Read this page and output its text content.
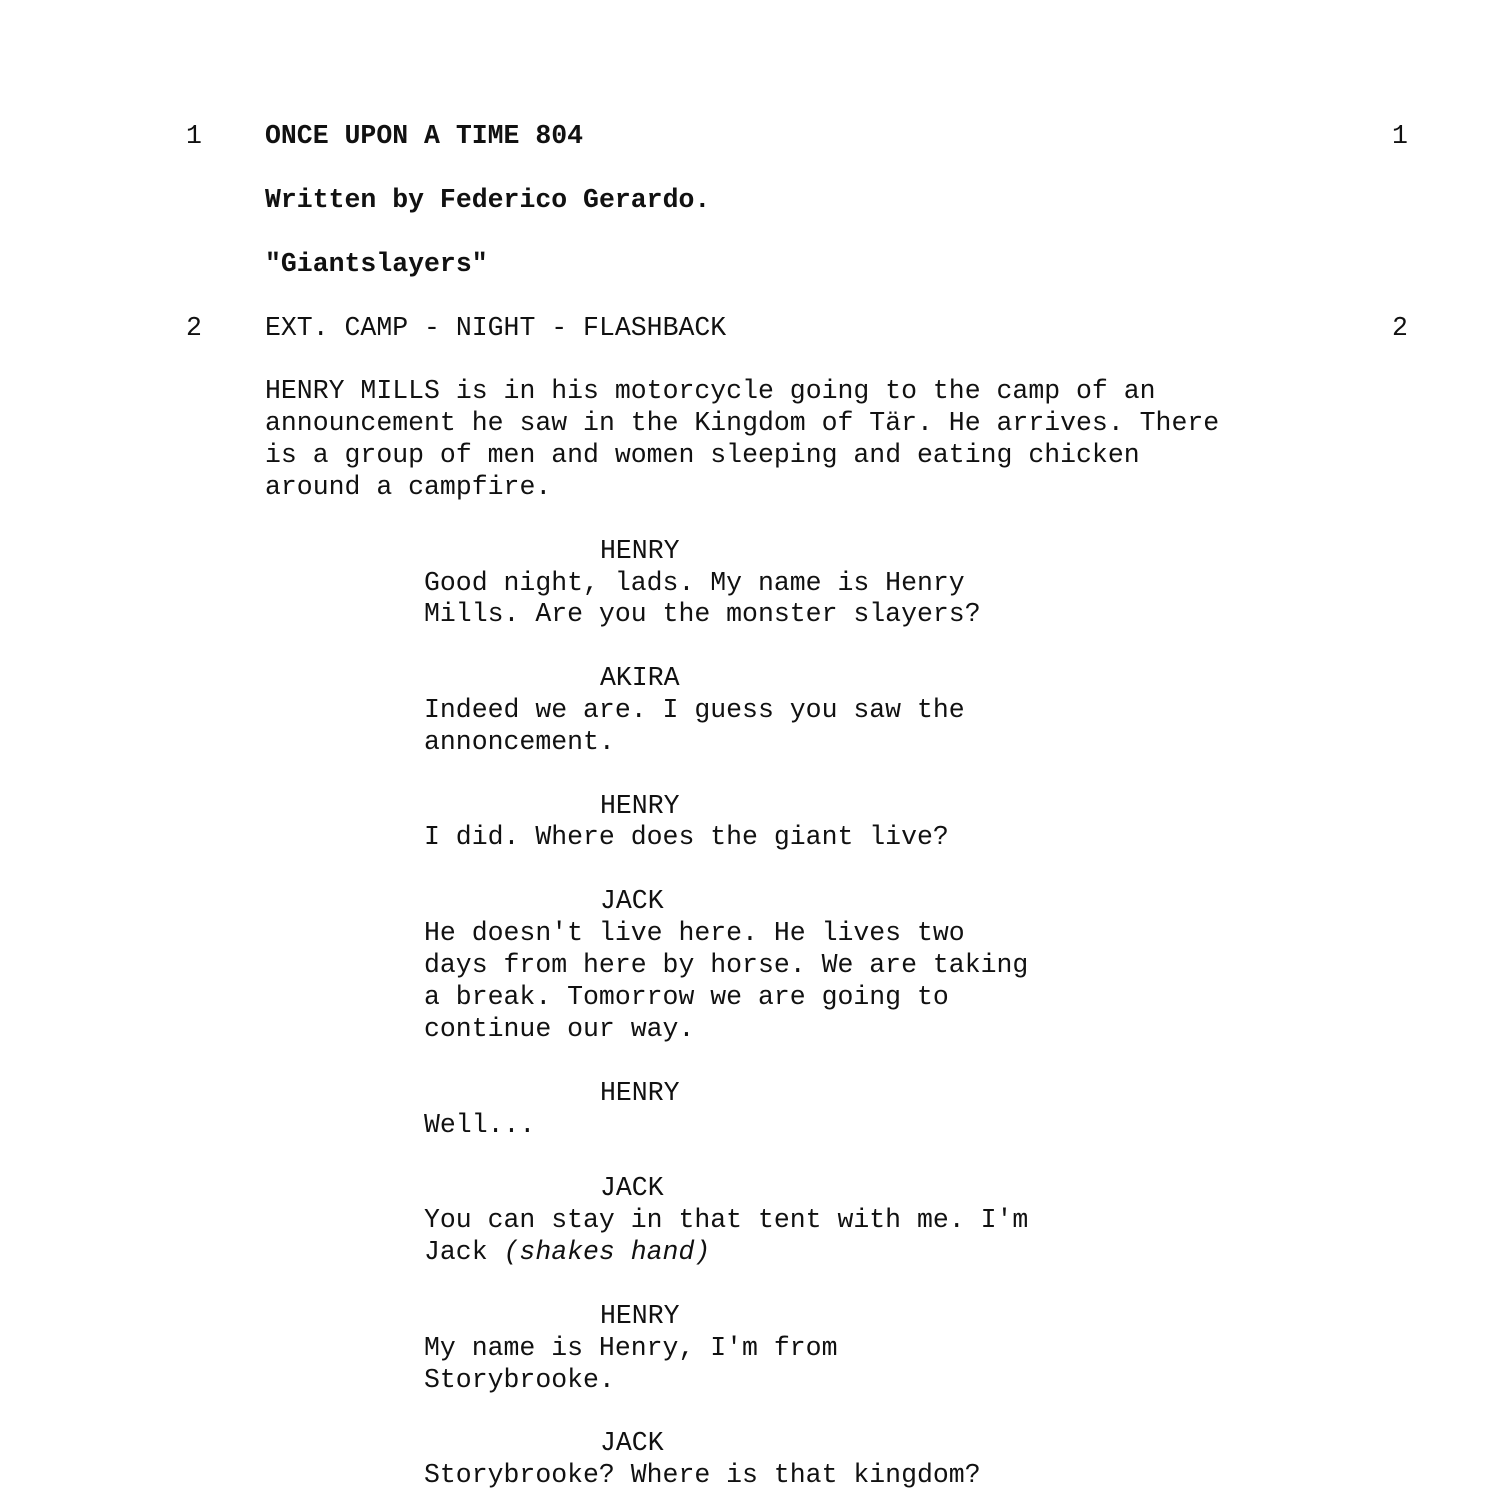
1 ONCE UPON A TIME 804	1
Written by Federico Gerardo.
"Giantslayers"
2 EXT. CAMP - NIGHT - FLASHBACK	2
HENRY MILLS is in his motorcycle going to the camp of an
announcement he saw in the Kingdom of Tär. He arrives. There
is a group of men and women sleeping and eating chicken
around a campfire.
HENRY
Good night, lads. My name is Henry
Mills. Are you the monster slayers?
AKIRA
Indeed we are. I guess you saw the
annoncement.
HENRY
I did. Where does the giant live?
JACK
He doesn't live here. He lives two
days from here by horse. We are taking
a break. Tomorrow we are going to
continue our way.
HENRY
Well...
JACK
You can stay in that tent with me. I'm
Jack (shakes hand)
HENRY
My name is Henry, I'm from
Storybrooke.
JACK
Storybrooke? Where is that kingdom?
